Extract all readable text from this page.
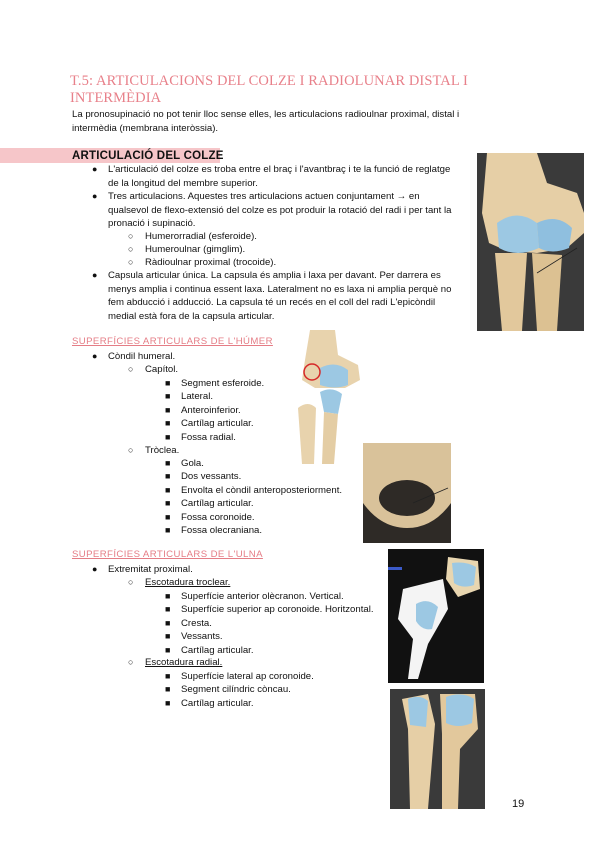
T.5: ARTICULACIONS DEL COLZE I RADIOLUNAR DISTAL I INTERMÈDIA
La pronosupinació no pot tenir lloc sense elles, les articulacions radioulnar proximal, distal i
intermèdia (membrana interòssia).
ARTICULACIÓ DEL COLZE
● L'articulació del colze es troba entre el braç i l'avantbraç i te la funció de reglatge
de la longitud del membre superior.
● Tres articulacions. Aquestes tres articulacions actuen conjuntament → en
qualsevol de flexo-extensió del colze es pot produir la rotació del radi i per tant la
pronació i supinació.
○ Humerorradial (esferoide).
○ Humeroulnar (gimglim).
○ Ràdioulnar proximal (trocoide).
● Capsula articular única. La capsula és amplia i laxa per davant. Per darrera es
menys amplia i continua essent laxa. Lateralment no es laxa ni amplia perquè no
fem abducció i adducció. La capsula té un recés en el coll del radi L'epicòndil
medial està fora de la capsula articular.
SUPERFÍCIES ARTICULARS DE L'HÚMER
● Còndil humeral.
○ Capítol.
■ Segment esferoide.
■ Lateral.
■ Anteroinferior.
■ Cartílag articular.
■ Fossa radial.
○ Tròclea.
■ Gola.
■ Dos vessants.
■ Envolta el còndil anteroposteriorment.
■ Cartílag articular.
■ Fossa coronoide.
■ Fossa olecraniana.
SUPERFÍCIES ARTICULARS DE L'ULNA
● Extremitat proximal.
○ Escotadura troclear.
■ Superfície anterior olècranon. Vertical.
■ Superfície superior ap coronoide. Horitzontal.
■ Cresta.
■ Vessants.
■ Cartílag articular.
○ Escotadura radial.
■ Superfície lateral ap coronoide.
■ Segment cilíndric còncau.
■ Cartílag articular.
19
